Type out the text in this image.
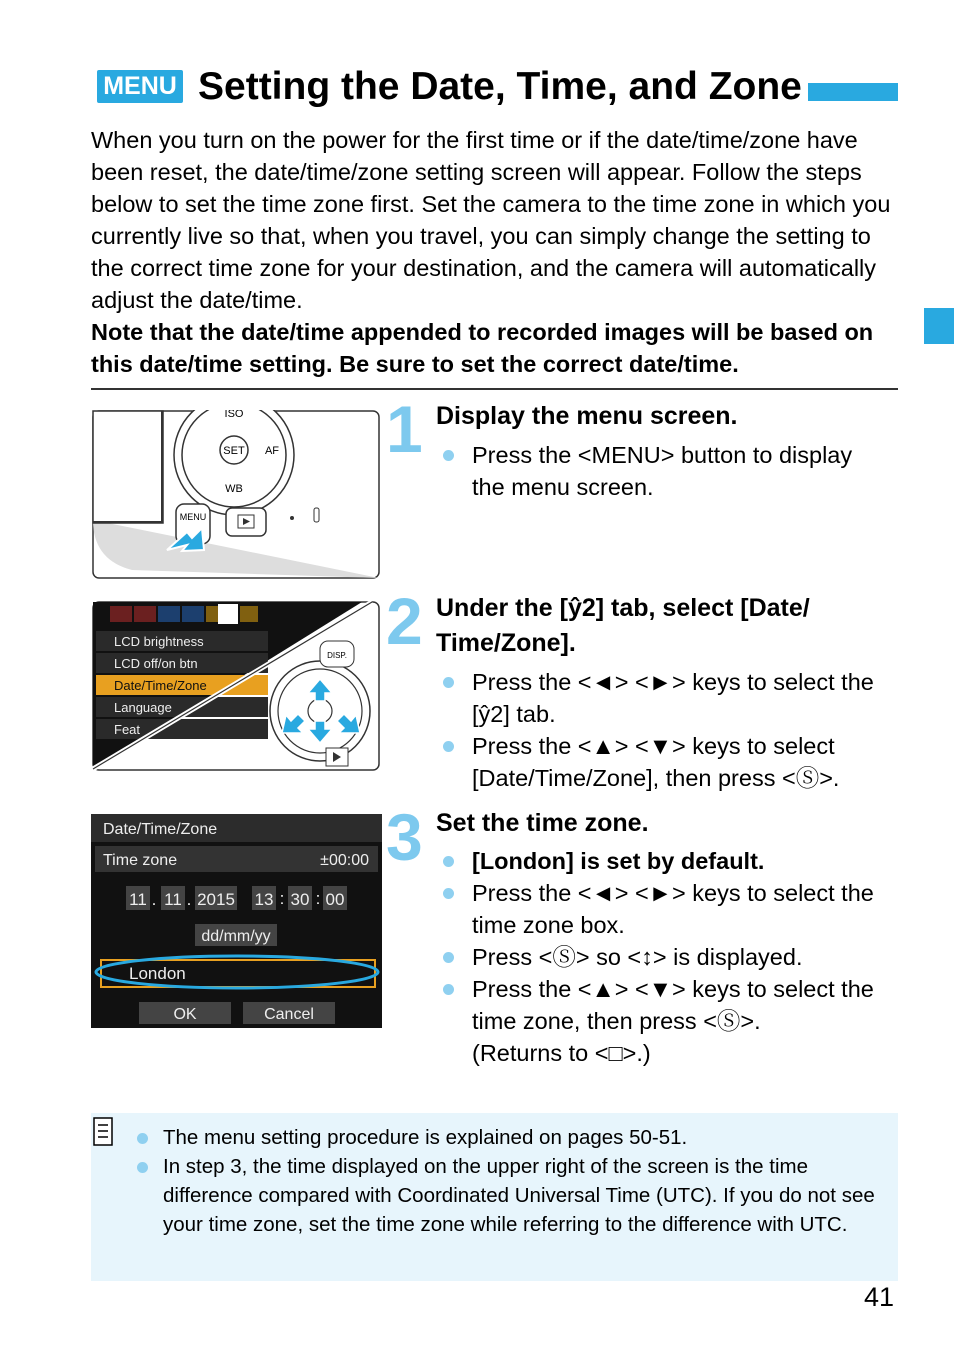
MENU Setting the Date, Time, and Zone

When you turn on the power for the first time or if the date/time/zone have been reset, the date/time/zone setting screen will appear. Follow the steps below to set the time zone first. Set the camera to the time zone in which you currently live so that, when you travel, you can simply change the setting to the correct time zone for your destination, and the camera will automatically adjust the date/time.

Note that the date/time appended to recorded images will be based on this date/time setting. Be sure to set the correct date/time.

SET
ISO
AF
WB
MENU
1 Display the menu screen.
Press the <MENU> button to display the menu screen.
LCD brightness
LCD off/on btn
Date/Time/Zone
Language
Feat
DISP. 2 Under the [ŷ2] tab, select [Date/ Time/Zone].
Press the <◄> <►> keys to select the [ŷ2] tab.
Press the <▲> <▼> keys to select [Date/Time/Zone], then press <Ⓢ>.
Date/Time/Zone
Time zone	±00:00
11 . 11 . 2015 13 : 30 : 00
dd/mm/yy
London
OK	Cancel
3 Set the time zone.
[London] is set by default.
Press the <◄> <►> keys to select the time zone box.
Press <Ⓢ> so <↕> is displayed.
Press the <▲> <▼> keys to select the time zone, then press <Ⓢ>.
(Returns to <□>.)
The menu setting procedure is explained on pages 50-51.
In step 3, the time displayed on the upper right of the screen is the time difference compared with Coordinated Universal Time (UTC). If you do not see your time zone, set the time zone while referring to the difference with UTC.
41
